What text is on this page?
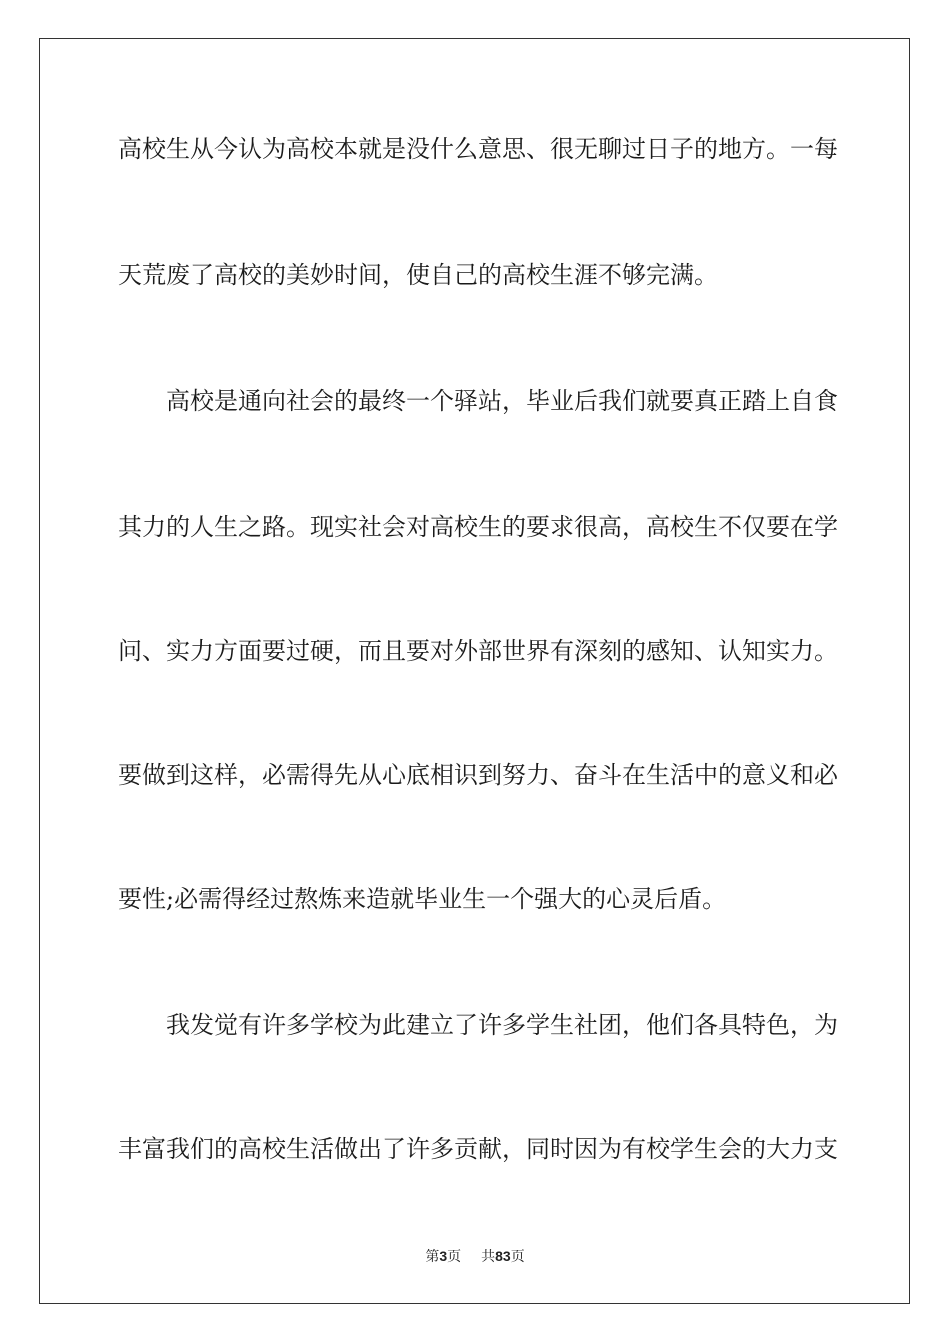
高校生从今认为高校本就是没什么意思、很无聊过日子的地方。一每
天荒废了高校的美妙时间，使自己的高校生涯不够完满。
高校是通向社会的最终一个驿站，毕业后我们就要真正踏上自食
其力的人生之路。现实社会对高校生的要求很高，高校生不仅要在学
问、实力方面要过硬，而且要对外部世界有深刻的感知、认知实力。
要做到这样，必需得先从心底相识到努力、奋斗在生活中的意义和必
要性;必需得经过熬炼来造就毕业生一个强大的心灵后盾。
我发觉有许多学校为此建立了许多学生社团，他们各具特色，为
丰富我们的高校生活做出了许多贡献，同时因为有校学生会的大力支
第3页 共83页
